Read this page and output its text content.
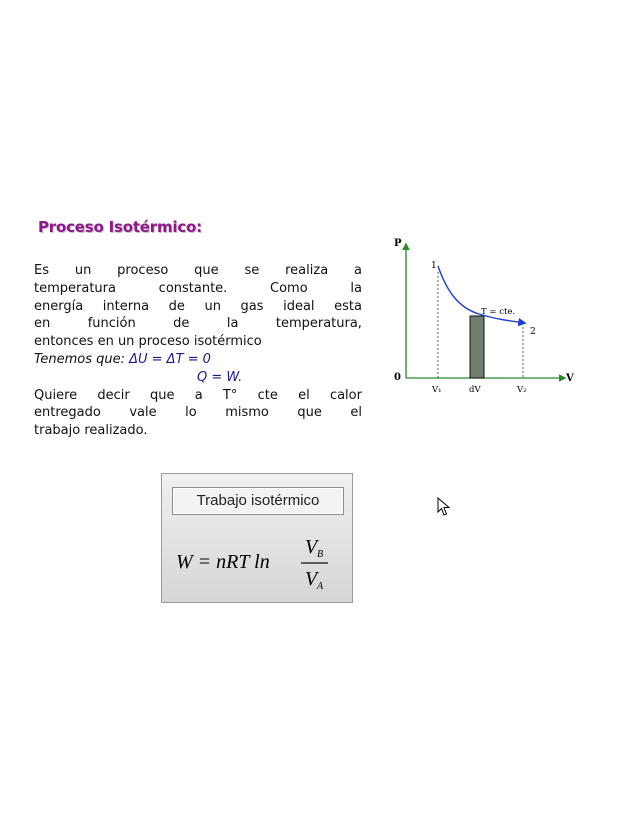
Proceso Isotérmico:
Es un proceso que se realiza a
temperatura	constante.	Como	la
energía interna de un gas ideal esta
en	función	de	la	temperatura,
entonces en un proceso isotérmico
Tenemos que: ΔU = ΔT = 0
Q = W.
Quiere decir que a T° cte el calor
entregado vale lo mismo que el
trabajo realizado.
P
V
0
1
2
T = cte.
V₁	dV	V₂
Trabajo isotérmico
W = nRT ln
V B
V A
